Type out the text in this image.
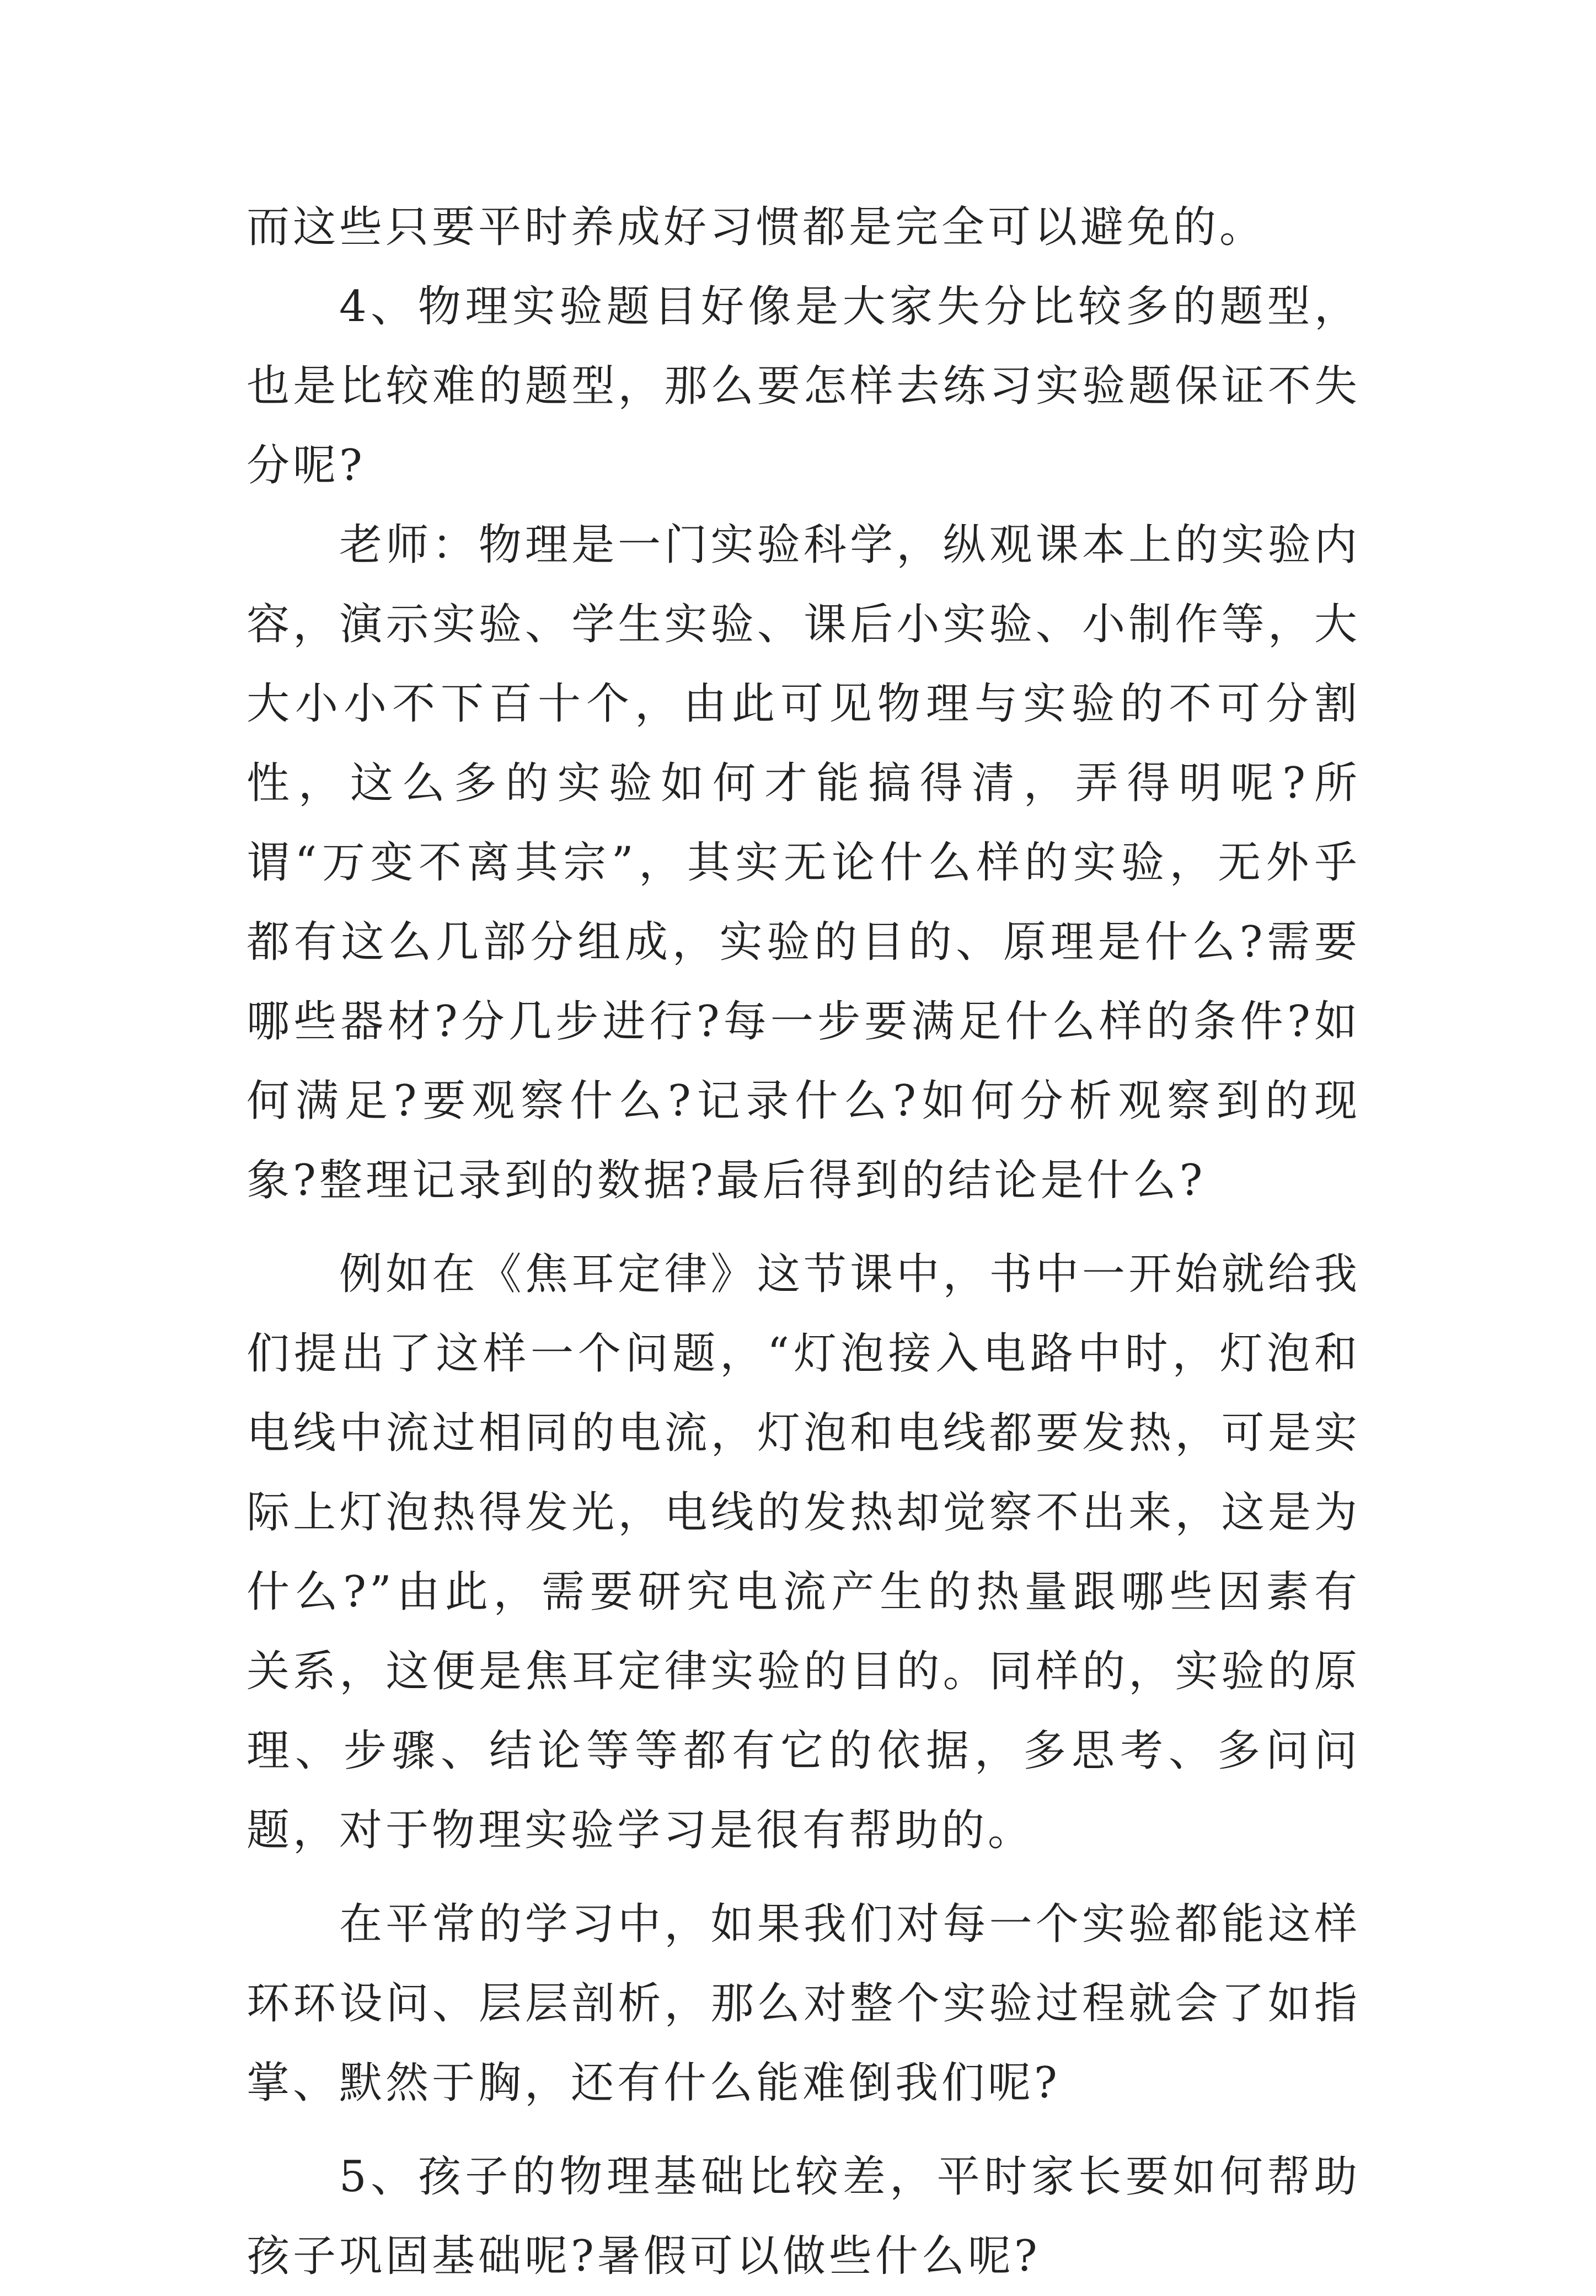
而这些只要平时养成好习惯都是完全可以避免的。

4、物理实验题目好像是大家失分比较多的题型，也是比较难的题型，那么要怎样去练习实验题保证不失分呢?

老师：物理是一门实验科学，纵观课本上的实验内容，演示实验、学生实验、课后小实验、小制作等，大大小小不下百十个，由此可见物理与实验的不可分割性，这么多的实验如何才能搞得清，弄得明呢?所谓“万变不离其宗”，其实无论什么样的实验，无外乎都有这么几部分组成，实验的目的、原理是什么?需要哪些器材?分几步进行?每一步要满足什么样的条件?如何满足?要观察什么?记录什么?如何分析观察到的现象?整理记录到的数据?最后得到的结论是什么?

例如在《焦耳定律》这节课中，书中一开始就给我们提出了这样一个问题，“灯泡接入电路中时，灯泡和电线中流过相同的电流，灯泡和电线都要发热，可是实际上灯泡热得发光，电线的发热却觉察不出来，这是为什么?”由此，需要研究电流产生的热量跟哪些因素有关系，这便是焦耳定律实验的目的。同样的，实验的原理、步骤、结论等等都有它的依据，多思考、多问问题，对于物理实验学习是很有帮助的。

在平常的学习中，如果我们对每一个实验都能这样环环设问、层层剖析，那么对整个实验过程就会了如指掌、默然于胸，还有什么能难倒我们呢?

5、孩子的物理基础比较差，平时家长要如何帮助孩子巩固基础呢?暑假可以做些什么呢?
